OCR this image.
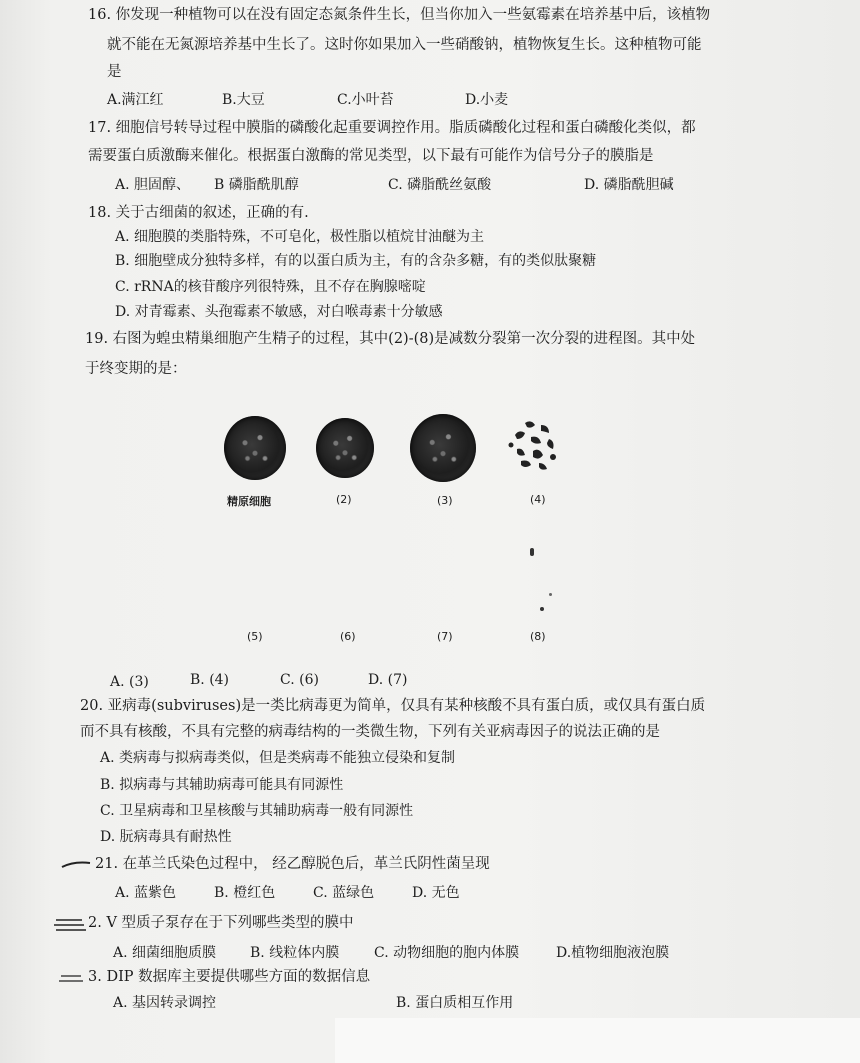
16. 你发现一种植物可以在没有固定态氮条件生长，但当你加入一些氨霉素在培养基中后，该植物
就不能在无氮源培养基中生长了。这时你如果加入一些硝酸钠，植物恢复生长。这种植物可能
是
A.满江红	B.大豆	C.小叶苔	D.小麦
17. 细胞信号转导过程中膜脂的磷酸化起重要调控作用。脂质磷酸化过程和蛋白磷酸化类似，都
需要蛋白质激酶来催化。根据蛋白激酶的常见类型，以下最有可能作为信号分子的膜脂是
A. 胆固醇、 B 磷脂酰肌醇	C. 磷脂酰丝氨酸	D. 磷脂酰胆碱
18. 关于古细菌的叙述，正确的有.
A. 细胞膜的类脂特殊，不可皂化，极性脂以植烷甘油醚为主
B. 细胞壁成分独特多样，有的以蛋白质为主，有的含杂多糖，有的类似肽聚糖
C. rRNA的核苷酸序列很特殊，且不存在胸腺嘧啶
D. 对青霉素、头孢霉素不敏感，对白喉毒素十分敏感
19. 右图为蝗虫精巢细胞产生精子的过程，其中(2)-(8)是减数分裂第一次分裂的进程图。其中处
于终变期的是：
精原细胞	(2)	(3)	(4)
(5)	(6)	(7)	(8)
A. (3)	B. (4)	C. (6)	D. (7)
20. 亚病毒(subviruses)是一类比病毒更为简单，仅具有某种核酸不具有蛋白质，或仅具有蛋白质
而不具有核酸，不具有完整的病毒结构的一类微生物，下列有关亚病毒因子的说法正确的是
A. 类病毒与拟病毒类似，但是类病毒不能独立侵染和复制
B. 拟病毒与其辅助病毒可能具有同源性
C. 卫星病毒和卫星核酸与其辅助病毒一般有同源性
D. 朊病毒具有耐热性
21. 在革兰氏染色过程中， 经乙醇脱色后，革兰氏阴性菌呈现
A. 蓝紫色	B. 橙红色	C. 蓝绿色	D. 无色
2. V 型质子泵存在于下列哪些类型的膜中
A. 细菌细胞质膜 B. 线粒体内膜 C. 动物细胞的胞内体膜	D.植物细胞液泡膜
3. DIP 数据库主要提供哪些方面的数据信息
A. 基因转录调控	B. 蛋白质相互作用
